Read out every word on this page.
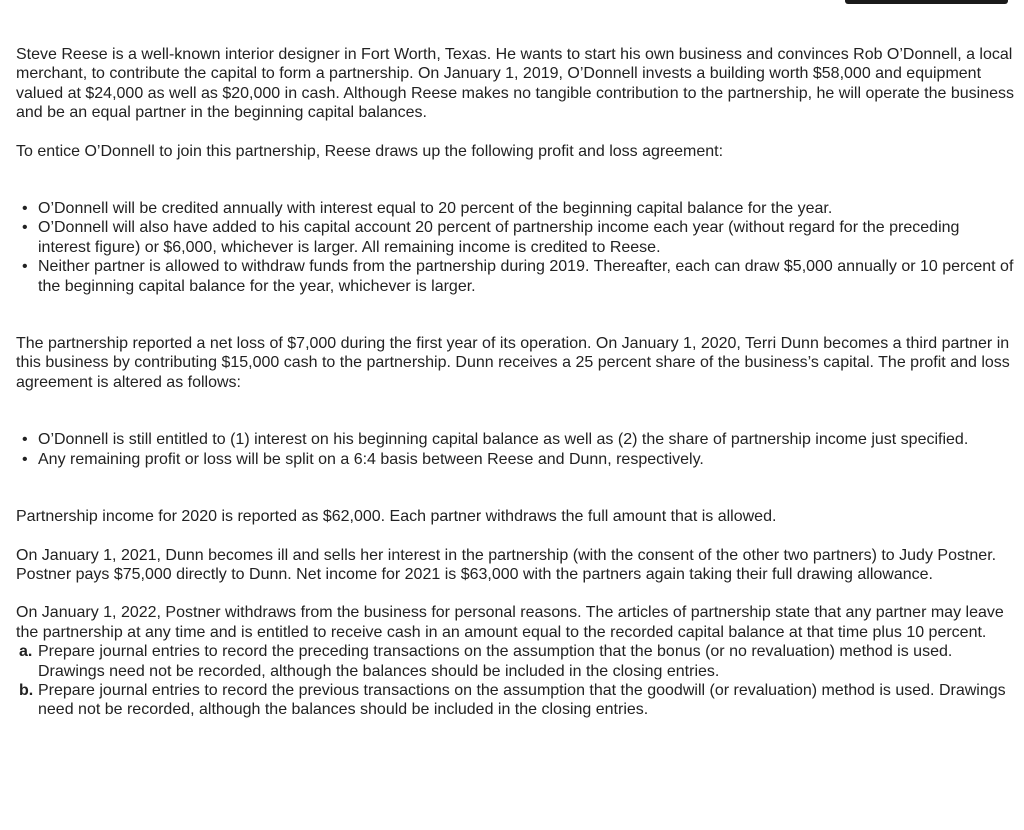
Steve Reese is a well-known interior designer in Fort Worth, Texas. He wants to start his own business and convinces Rob O’Donnell, a local merchant, to contribute the capital to form a partnership. On January 1, 2019, O’Donnell invests a building worth $58,000 and equipment valued at $24,000 as well as $20,000 in cash. Although Reese makes no tangible contribution to the partnership, he will operate the business and be an equal partner in the beginning capital balances.

To entice O’Donnell to join this partnership, Reese draws up the following profit and loss agreement:

• O’Donnell will be credited annually with interest equal to 20 percent of the beginning capital balance for the year.
• O’Donnell will also have added to his capital account 20 percent of partnership income each year (without regard for the preceding interest figure) or $6,000, whichever is larger. All remaining income is credited to Reese.
• Neither partner is allowed to withdraw funds from the partnership during 2019. Thereafter, each can draw $5,000 annually or 10 percent of the beginning capital balance for the year, whichever is larger.

The partnership reported a net loss of $7,000 during the first year of its operation. On January 1, 2020, Terri Dunn becomes a third partner in this business by contributing $15,000 cash to the partnership. Dunn receives a 25 percent share of the business’s capital. The profit and loss agreement is altered as follows:

• O’Donnell is still entitled to (1) interest on his beginning capital balance as well as (2) the share of partnership income just specified.
• Any remaining profit or loss will be split on a 6:4 basis between Reese and Dunn, respectively.

Partnership income for 2020 is reported as $62,000. Each partner withdraws the full amount that is allowed.

On January 1, 2021, Dunn becomes ill and sells her interest in the partnership (with the consent of the other two partners) to Judy Postner. Postner pays $75,000 directly to Dunn. Net income for 2021 is $63,000 with the partners again taking their full drawing allowance.

On January 1, 2022, Postner withdraws from the business for personal reasons. The articles of partnership state that any partner may leave the partnership at any time and is entitled to receive cash in an amount equal to the recorded capital balance at that time plus 10 percent.

a. Prepare journal entries to record the preceding transactions on the assumption that the bonus (or no revaluation) method is used. Drawings need not be recorded, although the balances should be included in the closing entries.
b. Prepare journal entries to record the previous transactions on the assumption that the goodwill (or revaluation) method is used. Drawings need not be recorded, although the balances should be included in the closing entries.
